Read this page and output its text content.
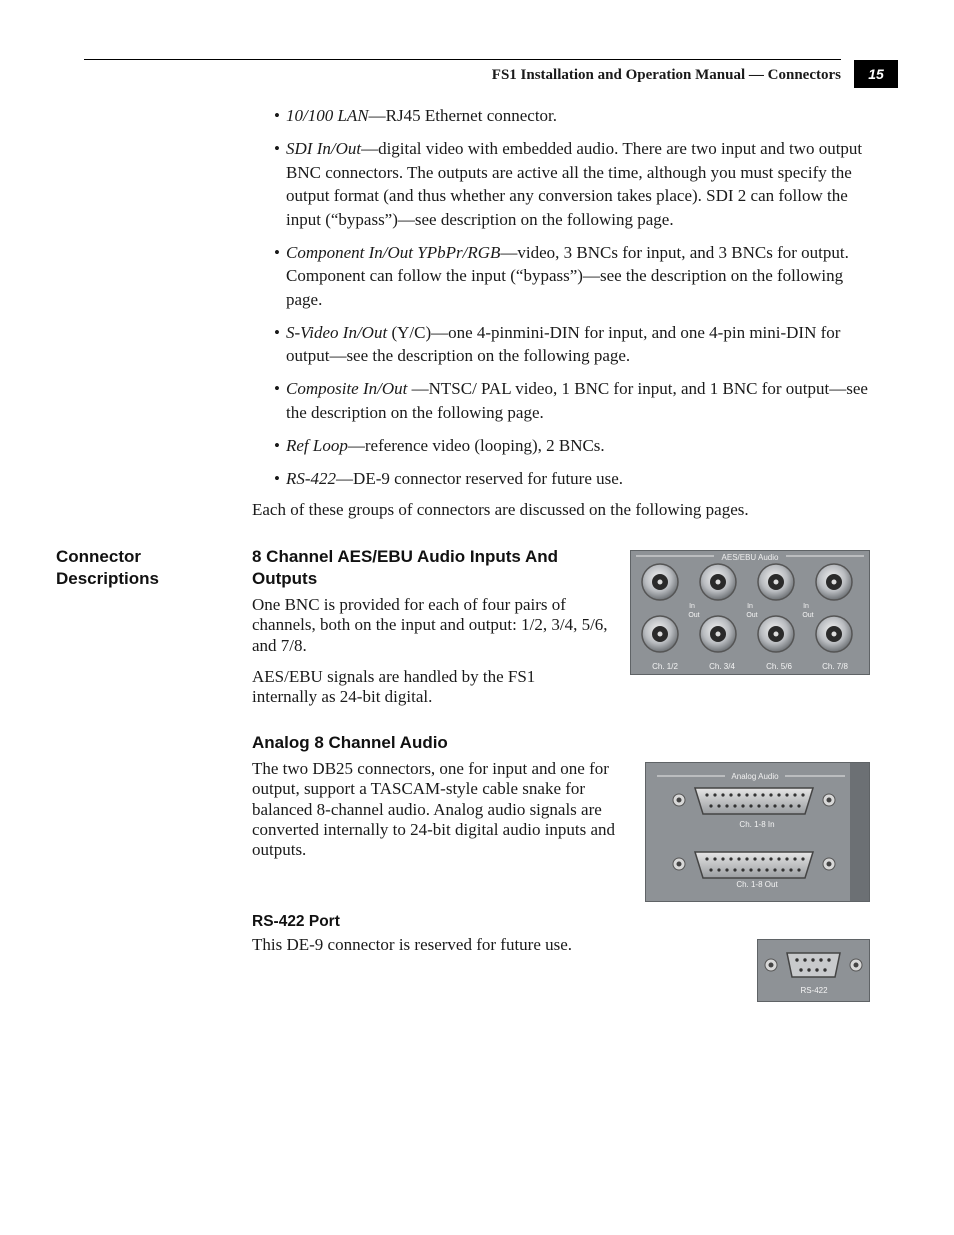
FS1 Installation and Operation Manual — Connectors	15
• 10/100 LAN—RJ45 Ethernet connector.
• SDI In/Out—digital video with embedded audio. There are two input and two output BNC connectors. The outputs are active all the time, although you must specify the output format (and thus whether any conversion takes place). SDI 2 can follow the input (“bypass”)—see description on the following page.
• Component In/Out YPbPr/RGB—video, 3 BNCs for input, and 3 BNCs for output. Component can follow the input (“bypass”)—see the description on the following page.
• S-Video In/Out (Y/C)—one 4-pinmini-DIN for input, and one 4-pin mini-DIN for output—see the description on the following page.
• Composite In/Out —NTSC/ PAL video, 1 BNC for input, and 1 BNC for output—see the description on the following page.
• Ref Loop—reference video (looping), 2 BNCs.
• RS-422—DE-9 connector reserved for future use.
Each of these groups of connectors are discussed on the following pages.
Connector
Descriptions
8 Channel AES/EBU Audio Inputs And
Outputs
One BNC is provided for each of four pairs of channels, both on the input and output: 1/2, 3/4, 5/6, and 7/8.
AES/EBU signals are handled by the FS1 internally as 24-bit digital.
AES/EBU Audio
In
Out
In
Out
In
Out
Ch. 1/2	Ch. 3/4	Ch. 5/6	Ch. 7/8
Analog 8 Channel Audio
The two DB25 connectors, one for input and one for output, support a TASCAM-style cable snake for balanced 8-channel audio. Analog audio signals are converted internally to 24-bit digital audio inputs and outputs.
Analog Audio
Ch. 1-8 In
Ch. 1-8 Out
RS-422 Port
This DE-9 connector is reserved for future use.
RS-422
